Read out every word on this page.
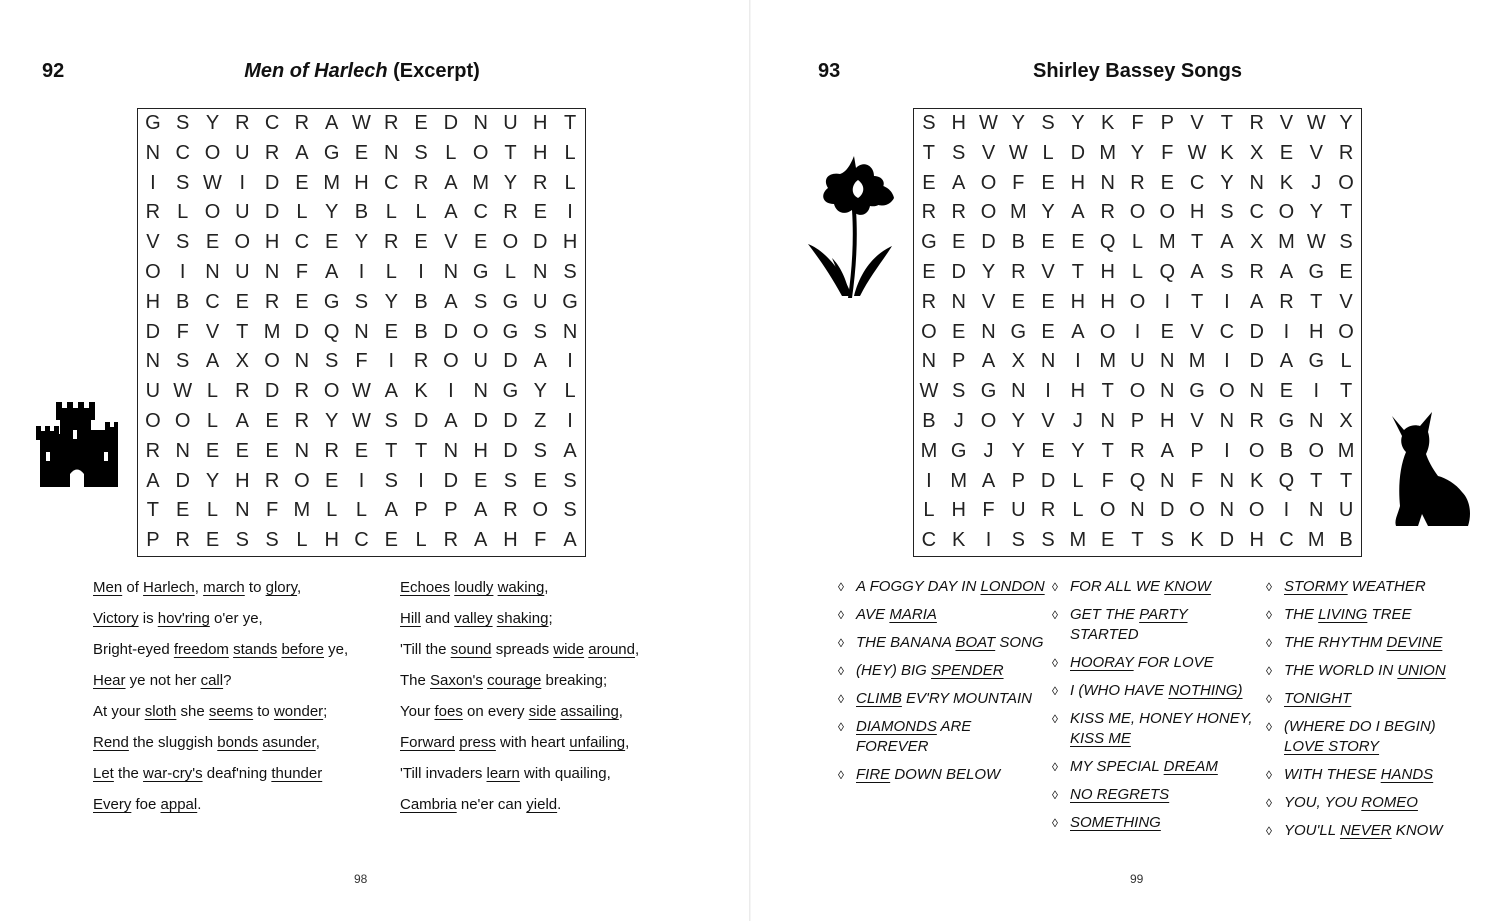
92	Men of Harlech (Excerpt)
G S Y R C R A W R E D N U H T
N C O U R A G E N S L O T H L
I	S W I D E M H C R A M Y R L
R L O U D L Y B L L A C R E	I
V S E O H C E Y R E V E O D H
O I N U N F A	I	L	I N G L N S
H B C E R E G S Y B A S G U G
D F V T M D Q N E B D O G S N
N S A X O N S F	I R O U D A	I
U W L R D R O W A K	I N G Y L
O O L A E R Y W S D A D D Z	I
R N E E E N R E T T N H D S A
A D Y H R O E	I	S	I D E S E S
T E L N F M L L A P P A R O S
P R E S S L H C E L R A H F A
Men of Harlech, march to glory,
Victory is hov'ring o'er ye,
Bright-eyed freedom stands before ye,
Hear ye not her call?
At your sloth she seems to wonder;
Rend the sluggish bonds asunder,
Let the war-cry's deaf'ning thunder
Every foe appal.
Echoes loudly waking,
Hill and valley shaking;
'Till the sound spreads wide around,
The Saxon's courage breaking;
Your foes on every side assailing,
Forward press with heart unfailing,
'Till invaders learn with quailing,
Cambria ne'er can yield.
98
93	Shirley Bassey Songs
S H W Y S Y K F P V T R V W Y
T S V W L D M Y F W K X E V R
E A O F E H N R E C Y N K J O
R R O M Y A R O O H S C O Y T
G E D B E E Q L M T A X M W S
E D Y R V T H L Q A S R A G E
R N V E E H H O I	T	I	A R T V
O E N G E A O I	E V C D I H O
N P A X N I M U N M I D A G L
W S G N I H T O N G O N E	I	T
B J O Y V J N P H V N R G N X
M G J Y E Y T R A P	I O B O M
I M A P D L F Q N F N K Q T T
L H F U R L O N D O N O I N U
C K	I	S S M E T S K D H C M B
◊ A FOGGY DAY IN LONDON
◊ AVE MARIA
◊ THE BANANA BOAT SONG
◊ (HEY) BIG SPENDER
◊ CLIMB EV'RY MOUNTAIN
◊ DIAMONDS ARE FOREVER
◊ FIRE DOWN BELOW
◊ FOR ALL WE KNOW
◊ GET THE PARTY STARTED
◊ HOORAY FOR LOVE
◊ I (WHO HAVE NOTHING)
◊ KISS ME, HONEY HONEY, KISS ME
◊ MY SPECIAL DREAM
◊ NO REGRETS
◊ SOMETHING
◊ STORMY WEATHER
◊ THE LIVING TREE
◊ THE RHYTHM DEVINE
◊ THE WORLD IN UNION
◊ TONIGHT
◊ (WHERE DO I BEGIN) LOVE STORY
◊ WITH THESE HANDS
◊ YOU, YOU ROMEO
◊ YOU'LL NEVER KNOW
99
